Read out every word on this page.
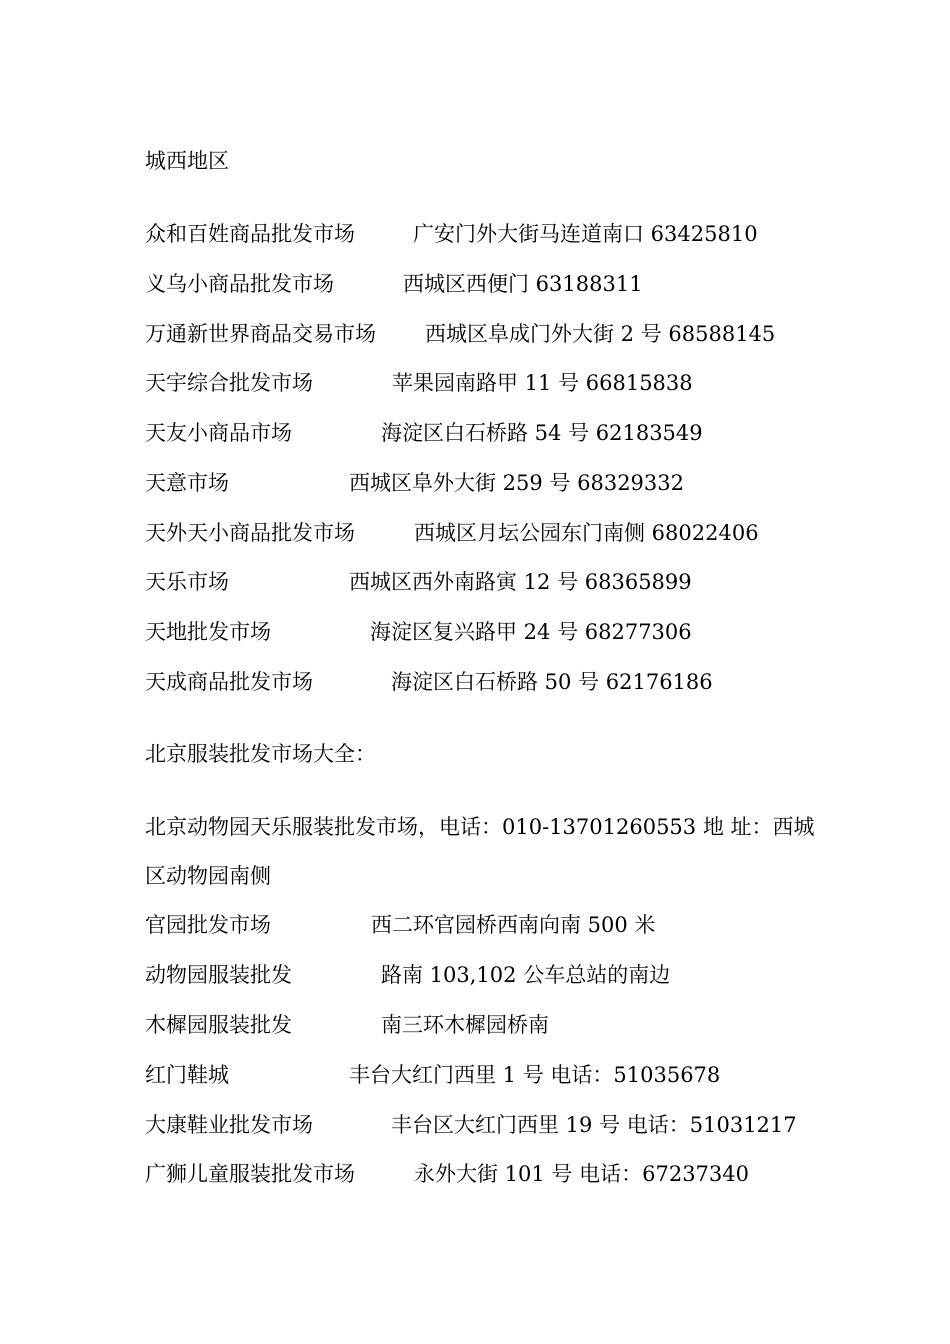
城西地区
众和百姓商品批发市场	广安门外大街马连道南口 63425810
义乌小商品批发市场	西城区西便门 63188311
万通新世界商品交易市场 西城区阜成门外大街 2 号 68588145
天宇综合批发市场	苹果园南路甲 11 号 66815838
天友小商品市场	海淀区白石桥路 54 号 62183549
天意市场	西城区阜外大街 259 号 68329332
天外天小商品批发市场	西城区月坛公园东门南侧 68022406
天乐市场	西城区西外南路寅 12 号 68365899
天地批发市场	海淀区复兴路甲 24 号 68277306
天成商品批发市场	海淀区白石桥路 50 号 62176186
北京服装批发市场大全：
北京动物园天乐服装批发市场，电话：010-13701260553 地 址：西城
区动物园南侧
官园批发市场	西二环官园桥西南向南 500 米
动物园服装批发	路南 103,102 公车总站的南边
木樨园服装批发	南三环木樨园桥南
红门鞋城	丰台大红门西里 1 号 电话：51035678
大康鞋业批发市场	丰台区大红门西里 19 号 电话：51031217
广狮儿童服装批发市场	永外大街 101 号 电话：67237340
